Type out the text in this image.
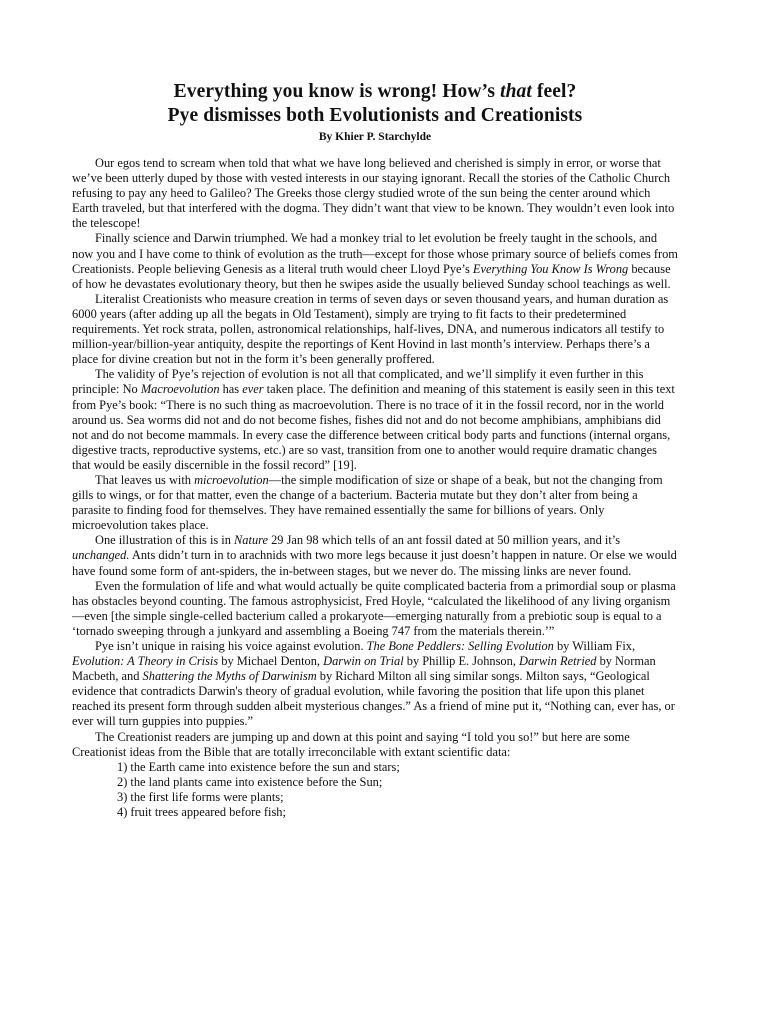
Everything you know is wrong! How’s that feel?
Pye dismisses both Evolutionists and Creationists
By Khier P. Starchylde

Our egos tend to scream when told that what we have long believed and cherished is simply in error, or worse that we’ve been utterly duped by those with vested interests in our staying ignorant. Recall the stories of the Catholic Church refusing to pay any heed to Galileo? The Greeks those clergy studied wrote of the sun being the center around which Earth traveled, but that interfered with the dogma. They didn’t want that view to be known. They wouldn’t even look into the telescope!

Finally science and Darwin triumphed. We had a monkey trial to let evolution be freely taught in the schools, and now you and I have come to think of evolution as the truth—except for those whose primary source of beliefs comes from Creationists. People believing Genesis as a literal truth would cheer Lloyd Pye’s Everything You Know Is Wrong because of how he devastates evolutionary theory, but then he swipes aside the usually believed Sunday school teachings as well.

Literalist Creationists who measure creation in terms of seven days or seven thousand years, and human duration as 6000 years (after adding up all the begats in Old Testament), simply are trying to fit facts to their predetermined requirements. Yet rock strata, pollen, astronomical relationships, half-lives, DNA, and numerous indicators all testify to million-year/billion-year antiquity, despite the reportings of Kent Hovind in last month’s interview. Perhaps there’s a place for divine creation but not in the form it’s been generally proffered.

The validity of Pye’s rejection of evolution is not all that complicated, and we’ll simplify it even further in this principle: No Macroevolution has ever taken place. The definition and meaning of this statement is easily seen in this text from Pye’s book: “There is no such thing as macroevolution. There is no trace of it in the fossil record, nor in the world around us. Sea worms did not and do not become fishes, fishes did not and do not become amphibians, amphibians did not and do not become mammals. In every case the difference between critical body parts and functions (internal organs, digestive tracts, reproductive systems, etc.) are so vast, transition from one to another would require dramatic changes that would be easily discernible in the fossil record” [19].

That leaves us with microevolution—the simple modification of size or shape of a beak, but not the changing from gills to wings, or for that matter, even the change of a bacterium. Bacteria mutate but they don’t alter from being a parasite to finding food for themselves. They have remained essentially the same for billions of years. Only microevolution takes place.

One illustration of this is in Nature 29 Jan 98 which tells of an ant fossil dated at 50 million years, and it’s unchanged. Ants didn’t turn in to arachnids with two more legs because it just doesn’t happen in nature. Or else we would have found some form of ant-spiders, the in-between stages, but we never do. The missing links are never found.

Even the formulation of life and what would actually be quite complicated bacteria from a primordial soup or plasma has obstacles beyond counting. The famous astrophysicist, Fred Hoyle, “calculated the likelihood of any living organism—even [the simple single-celled bacterium called a prokaryote—emerging naturally from a prebiotic soup is equal to a ‘tornado sweeping through a junkyard and assembling a Boeing 747 from the materials therein.’”

Pye isn’t unique in raising his voice against evolution. The Bone Peddlers: Selling Evolution by William Fix, Evolution: A Theory in Crisis by Michael Denton, Darwin on Trial by Phillip E. Johnson, Darwin Retried by Norman Macbeth, and Shattering the Myths of Darwinism by Richard Milton all sing similar songs. Milton says, “Geological evidence that contradicts Darwin's theory of gradual evolution, while favoring the position that life upon this planet reached its present form through sudden albeit mysterious changes.” As a friend of mine put it, “Nothing can, ever has, or ever will turn guppies into puppies.”

The Creationist readers are jumping up and down at this point and saying “I told you so!” but here are some Creationist ideas from the Bible that are totally irreconcilable with extant scientific data:

1) the Earth came into existence before the sun and stars;
2) the land plants came into existence before the Sun;
3) the first life forms were plants;
4) fruit trees appeared before fish;
